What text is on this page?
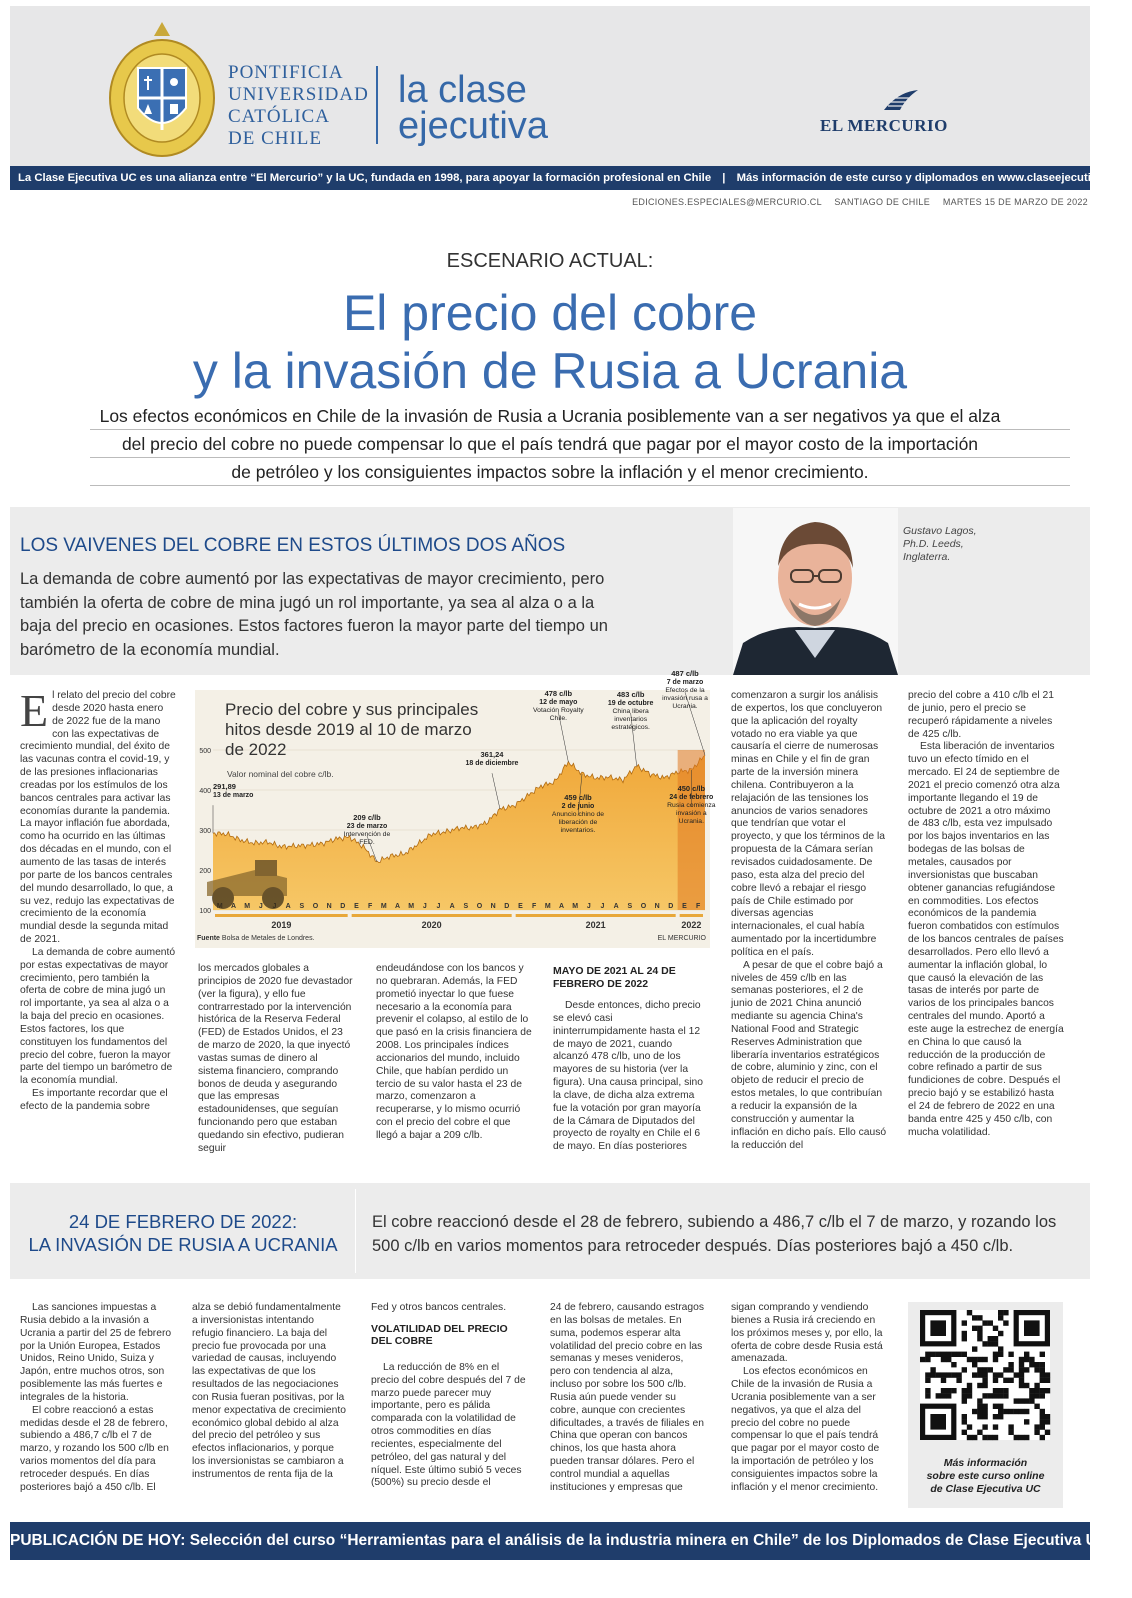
PONTIFICIA
UNIVERSIDAD
CATÓLICA
DE CHILE
la clase
ejecutiva	EL MERCURIO
La Clase Ejecutiva UC es una alianza entre “El Mercurio” y la UC, fundada en 1998, para apoyar la formación profesional en Chile | Más información de este curso y diplomados en www.claseejecutiva.uc.cl
EDICIONES.ESPECIALES@MERCURIO.CL SANTIAGO DE CHILE MARTES 15 DE MARZO DE 2022
ESCENARIO ACTUAL:
El precio del cobre
y la invasión de Rusia a Ucrania
Los efectos económicos en Chile de la invasión de Rusia a Ucrania posiblemente van a ser negativos ya que el alza
del precio del cobre no puede compensar lo que el país tendrá que pagar por el mayor costo de la importación
de petróleo y los consiguientes impactos sobre la inflación y el menor crecimiento.
LOS VAIVENES DEL COBRE EN ESTOS ÚLTIMOS DOS AÑOS
La demanda de cobre aumentó por las expectativas de mayor crecimiento, pero también la oferta de cobre de mina jugó un rol importante, ya sea al alza o a la baja del precio en ocasiones. Estos factores fueron la mayor parte del tiempo un barómetro de la economía mundial.
Gustavo Lagos,
Ph.D. Leeds,
Inglaterra.

El relato del precio del cobre desde 2020 hasta enero de 2022 fue de la mano con las expectativas de crecimiento mundial, del éxito de las vacunas contra el covid-19, y de las presiones inflacionarias creadas por los estímulos de los bancos centrales para activar las economías durante la pandemia. La mayor inflación fue abordada, como ha ocurrido en las últimas dos décadas en el mundo, con el aumento de las tasas de interés por parte de los bancos centrales del mundo desarrollado, lo que, a su vez, redujo las expectativas de crecimiento de la economía mundial desde la segunda mitad de 2021.

La demanda de cobre aumentó por estas expectativas de mayor crecimiento, pero también la oferta de cobre de mina jugó un rol importante, ya sea al alza o a la baja del precio en ocasiones. Estos factores, los que constituyen los fundamentos del precio del cobre, fueron la mayor parte del tiempo un barómetro de la economía mundial.

Es importante recordar que el efecto de la pandemia sobre

100
200
300
400
500
A M J	A S O N D E F M A M J J A S O N D E F M A M J J A S O N D E F
2019	2020	2021	2022
291,89
13 de marzo
209 c/lb
23 de marzo
Intervención de
FED.
361,24
18 de diciembre
478 c/lb
12 de mayo
Votación Royalty
Chile.
459 c/lb
2 de junio
Anuncio chino de
liberación de
inventarios.
483 c/lb
19 de octubre
China libera
inventarios
estratégicos.
450 c/lb
24 de febrero
Rusia comienza
invasión a
Ucrania.
487 c/lb
7 de marzo
Efectos de la
invasión rusa a
Ucrania.
Precio del cobre y sus principales hitos desde 2019 al 10 de marzo de 2022
Valor nominal del cobre c/lb.
Fuente Bolsa de Metales de Londres.	EL MERCURIO

los mercados globales a principios de 2020 fue devastador (ver la figura), y ello fue contrarrestado por la intervención histórica de la Reserva Federal (FED) de Estados Unidos, el 23 de marzo de 2020, la que inyectó vastas sumas de dinero al sistema financiero, comprando bonos de deuda y asegurando que las empresas estadounidenses, que seguían funcionando pero que estaban quedando sin efectivo, pudieran seguir

endeudándose con los bancos y no quebraran. Además, la FED prometió inyectar lo que fuese necesario a la economía para prevenir el colapso, al estilo de lo que pasó en la crisis financiera de 2008. Los principales índices accionarios del mundo, incluido Chile, que habían perdido un tercio de su valor hasta el 23 de marzo, comenzaron a recuperarse, y lo mismo ocurrió con el precio del cobre el que llegó a bajar a 209 c/lb.

MAYO DE 2021 AL 24 DE FEBRERO DE 2022

Desde entonces, dicho precio se elevó casi ininterrumpidamente hasta el 12 de mayo de 2021, cuando alcanzó 478 c/lb, uno de los mayores de su historia (ver la figura). Una causa principal, sino la clave, de dicha alza extrema fue la votación por gran mayoría de la Cámara de Diputados del proyecto de royalty en Chile el 6 de mayo. En días posteriores

comenzaron a surgir los análisis de expertos, los que concluyeron que la aplicación del royalty votado no era viable ya que causaría el cierre de numerosas minas en Chile y el fin de gran parte de la inversión minera chilena. Contribuyeron a la relajación de las tensiones los anuncios de varios senadores que tendrían que votar el proyecto, y que los términos de la propuesta de la Cámara serían revisados cuidadosamente. De paso, esta alza del precio del cobre llevó a rebajar el riesgo país de Chile estimado por diversas agencias internacionales, el cual había aumentado por la incertidumbre política en el país.

A pesar de que el cobre bajó a niveles de 459 c/lb en las semanas posteriores, el 2 de junio de 2021 China anunció mediante su agencia China's National Food and Strategic Reserves Administration que liberaría inventarios estratégicos de cobre, aluminio y zinc, con el objeto de reducir el precio de estos metales, lo que contribuían a reducir la expansión de la construcción y aumentar la inflación en dicho país. Ello causó la reducción del

precio del cobre a 410 c/lb el 21 de junio, pero el precio se recuperó rápidamente a niveles de 425 c/lb.

Esta liberación de inventarios tuvo un efecto tímido en el mercado. El 24 de septiembre de 2021 el precio comenzó otra alza importante llegando el 19 de octubre de 2021 a otro máximo de 483 c/lb, esta vez impulsado por los bajos inventarios en las bodegas de las bolsas de metales, causados por inversionistas que buscaban obtener ganancias refugiándose en commodities. Los efectos económicos de la pandemia fueron combatidos con estímulos de los bancos centrales de países desarrollados. Pero ello llevó a aumentar la inflación global, lo que causó la elevación de las tasas de interés por parte de varios de los principales bancos centrales del mundo. Aportó a este auge la estrechez de energía en China lo que causó la reducción de la producción de cobre refinado a partir de sus fundiciones de cobre. Después el precio bajó y se estabilizó hasta el 24 de febrero de 2022 en una banda entre 425 y 450 c/lb, con mucha volatilidad.

24 DE FEBRERO DE 2022:
LA INVASIÓN DE RUSIA A UCRANIA
El cobre reaccionó desde el 28 de febrero, subiendo a 486,7 c/lb el 7 de marzo, y rozando los 500 c/lb en varios momentos para retroceder después. Días posteriores bajó a 450 c/lb.

Las sanciones impuestas a Rusia debido a la invasión a Ucrania a partir del 25 de febrero por la Unión Europea, Estados Unidos, Reino Unido, Suiza y Japón, entre muchos otros, son posiblemente las más fuertes e integrales de la historia.

El cobre reaccionó a estas medidas desde el 28 de febrero, subiendo a 486,7 c/lb el 7 de marzo, y rozando los 500 c/lb en varios momentos del día para retroceder después. En días posteriores bajó a 450 c/lb. El

alza se debió fundamentalmente a inversionistas intentando refugio financiero. La baja del precio fue provocada por una variedad de causas, incluyendo las expectativas de que los resultados de las negociaciones con Rusia fueran positivas, por la menor expectativa de crecimiento económico global debido al alza del precio del petróleo y sus efectos inflacionarios, y porque los inversionistas se cambiaron a instrumentos de renta fija de la

Fed y otros bancos centrales.

VOLATILIDAD DEL PRECIO DEL COBRE

La reducción de 8% en el precio del cobre después del 7 de marzo puede parecer muy importante, pero es pálida comparada con la volatilidad de otros commodities en días recientes, especialmente del petróleo, del gas natural y del níquel. Este último subió 5 veces (500%) su precio desde el

24 de febrero, causando estragos en las bolsas de metales. En suma, podemos esperar alta volatilidad del precio cobre en las semanas y meses venideros, pero con tendencia al alza, incluso por sobre los 500 c/lb. Rusia aún puede vender su cobre, aunque con crecientes dificultades, a través de filiales en China que operan con bancos chinos, los que hasta ahora pueden transar dólares. Pero el control mundial a aquellas instituciones y empresas que

sigan comprando y vendiendo bienes a Rusia irá creciendo en los próximos meses y, por ello, la oferta de cobre desde Rusia está amenazada.

Los efectos económicos en Chile de la invasión de Rusia a Ucrania posiblemente van a ser negativos, ya que el alza del precio del cobre no puede compensar lo que el país tendrá que pagar por el mayor costo de la importación de petróleo y los consiguientes impactos sobre la inflación y el menor crecimiento.

Más información
sobre este curso online
de Clase Ejecutiva UC
PUBLICACIÓN DE HOY: Selección del curso “Herramientas para el análisis de la industria minera en Chile” de los Diplomados de Clase Ejecutiva UC.
